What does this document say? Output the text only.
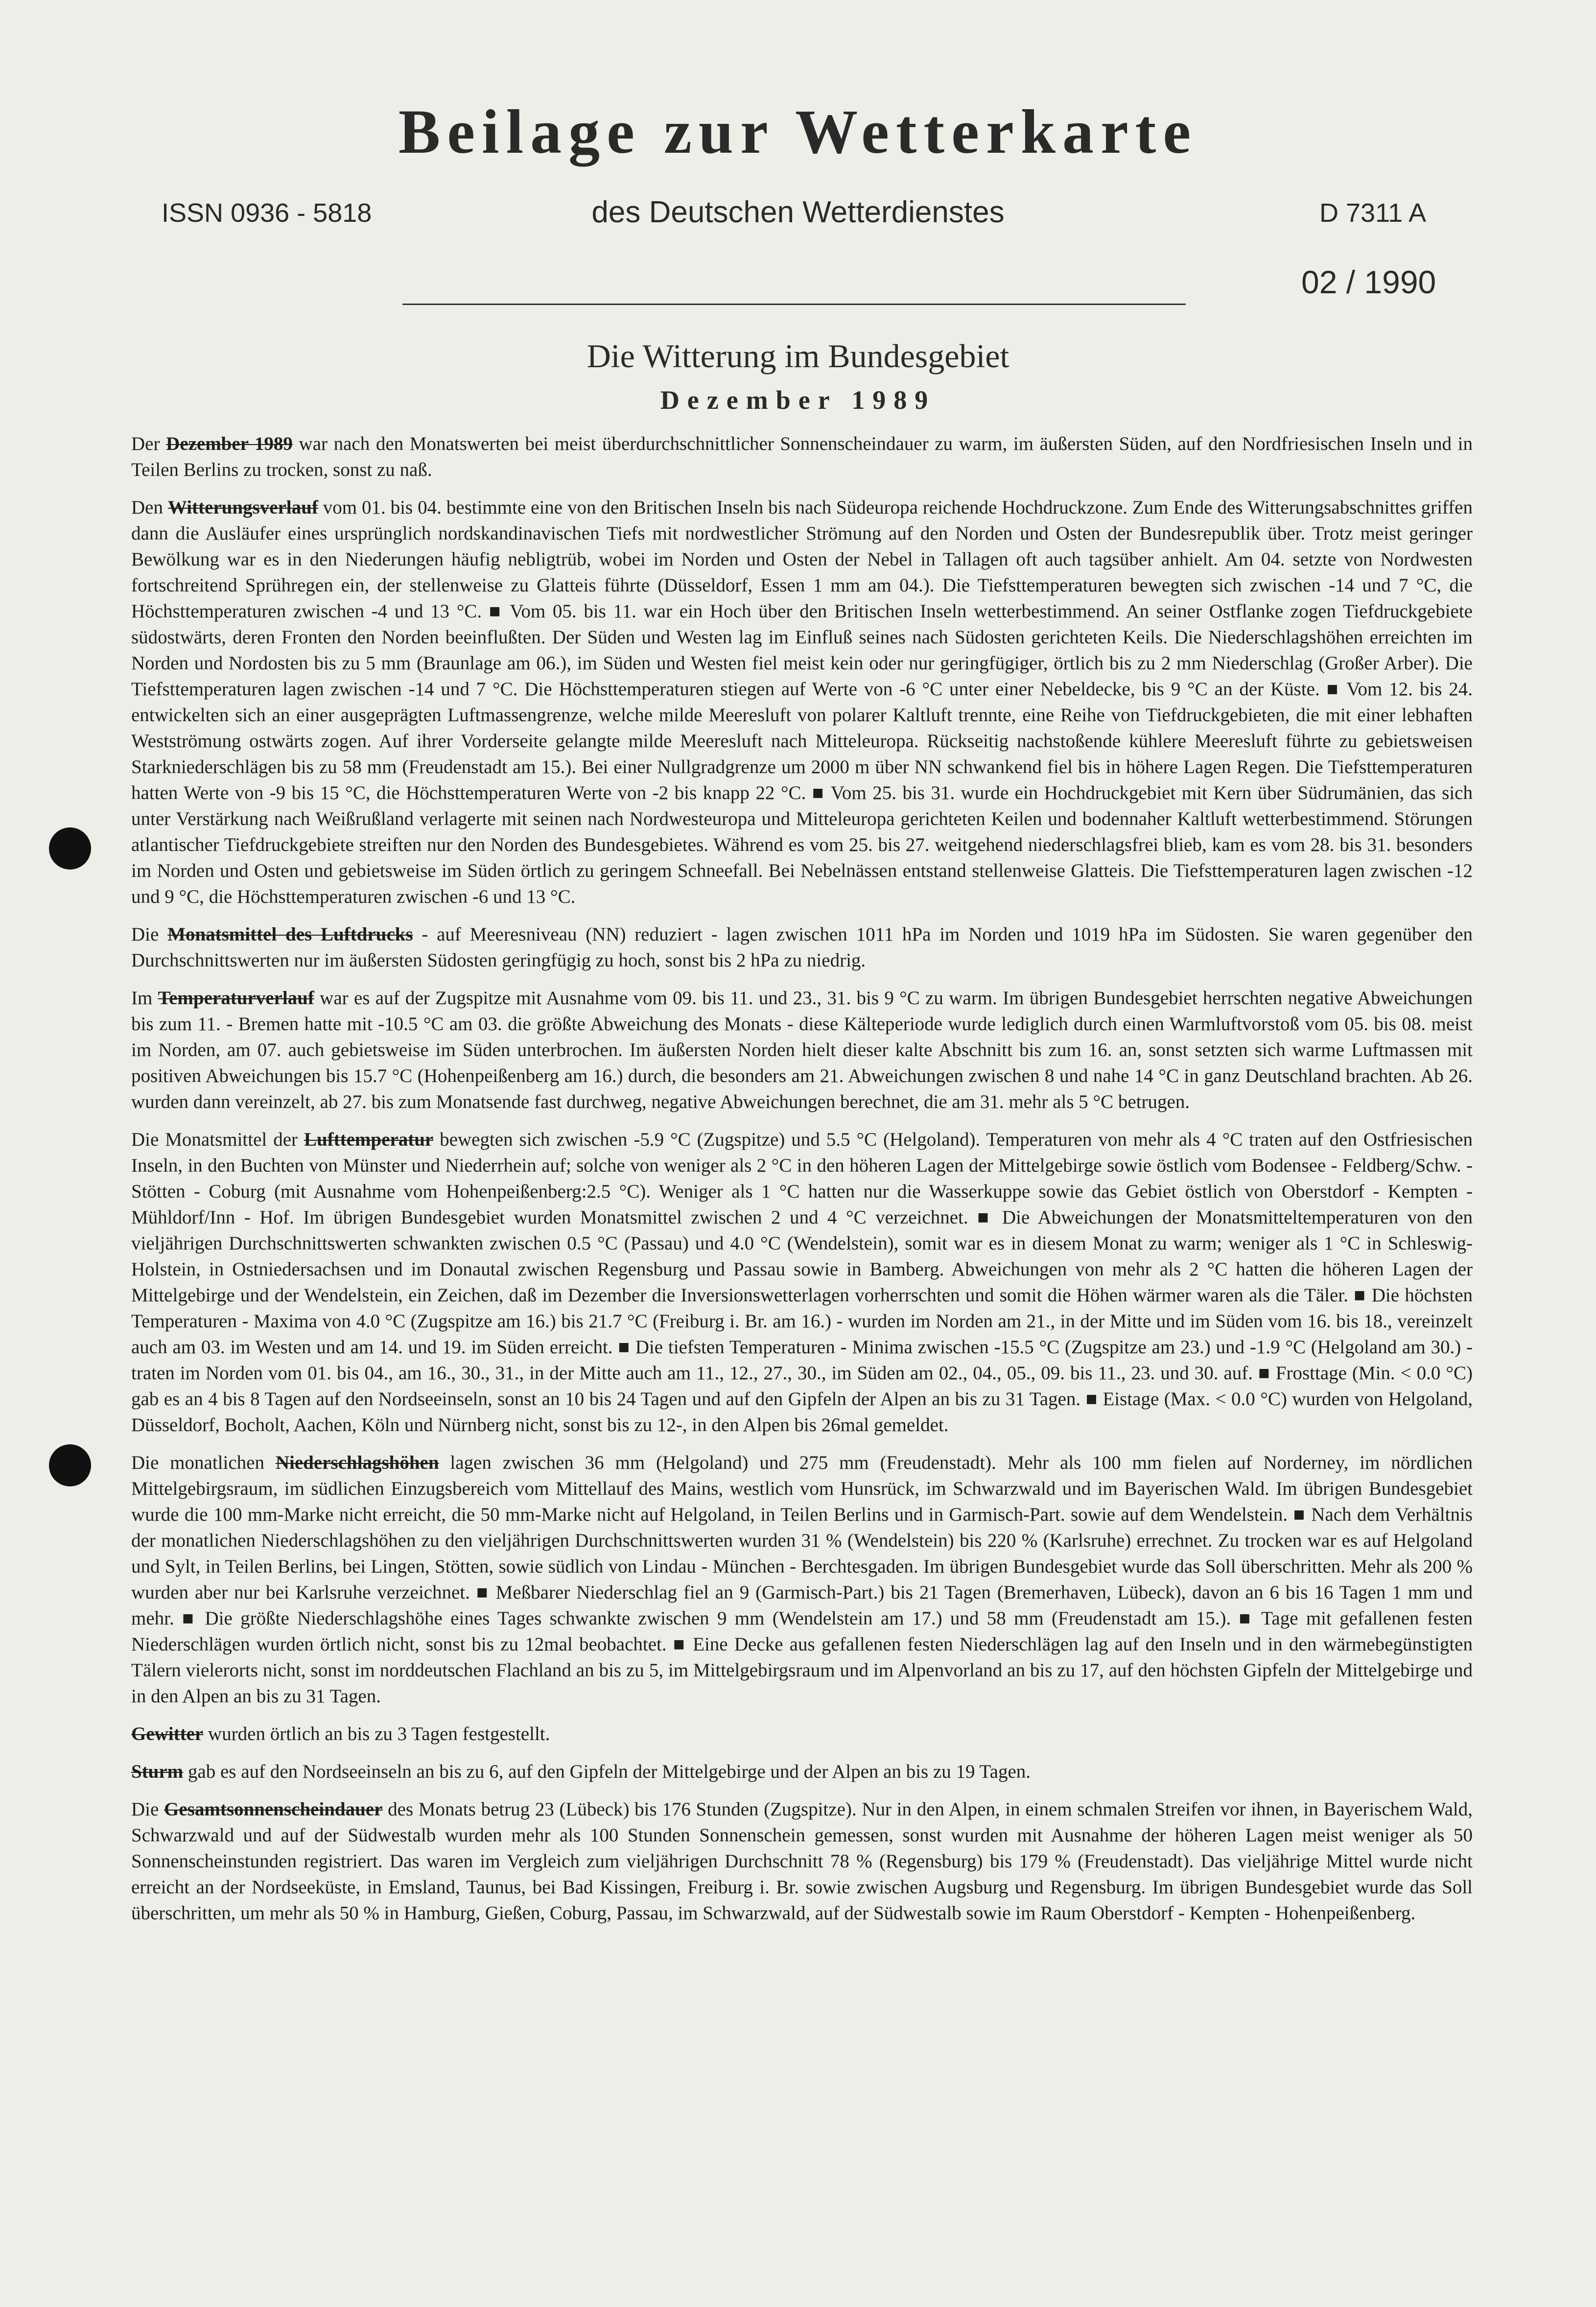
Beilage zur Wetterkarte
ISSN 0936 - 5818	des Deutschen Wetterdienstes	D 7311 A
02 / 1990
Die Witterung im Bundesgebiet
Dezember 1989

Der Dezember 1989 war nach den Monatswerten bei meist überdurchschnittlicher Sonnenscheindauer zu warm, im äußersten Süden, auf den Nordfriesischen Inseln und in Teilen Berlins zu trocken, sonst zu naß.

Den Witterungsverlauf vom 01. bis 04. bestimmte eine von den Britischen Inseln bis nach Südeuropa reichende Hochdruckzone. Zum Ende des Witterungsabschnittes griffen dann die Ausläufer eines ursprünglich nordskandinavischen Tiefs mit nordwestlicher Strömung auf den Norden und Osten der Bundesrepublik über. Trotz meist geringer Bewölkung war es in den Niederungen häufig nebligtrüb, wobei im Norden und Osten der Nebel in Tallagen oft auch tagsüber anhielt. Am 04. setzte von Nordwesten fortschreitend Sprühregen ein, der stellenweise zu Glatteis führte (Düsseldorf, Essen 1 mm am 04.). Die Tiefsttemperaturen bewegten sich zwischen -14 und 7 °C, die Höchsttemperaturen zwischen -4 und 13 °C. ■ Vom 05. bis 11. war ein Hoch über den Britischen Inseln wetterbestimmend. An seiner Ostflanke zogen Tiefdruckgebiete südostwärts, deren Fronten den Norden beeinflußten. Der Süden und Westen lag im Einfluß seines nach Südosten gerichteten Keils. Die Niederschlagshöhen erreichten im Norden und Nordosten bis zu 5 mm (Braunlage am 06.), im Süden und Westen fiel meist kein oder nur geringfügiger, örtlich bis zu 2 mm Niederschlag (Großer Arber). Die Tiefsttemperaturen lagen zwischen -14 und 7 °C. Die Höchsttemperaturen stiegen auf Werte von -6 °C unter einer Nebeldecke, bis 9 °C an der Küste. ■ Vom 12. bis 24. entwickelten sich an einer ausgeprägten Luftmassengrenze, welche milde Meeresluft von polarer Kaltluft trennte, eine Reihe von Tiefdruckgebieten, die mit einer lebhaften Westströmung ostwärts zogen. Auf ihrer Vorderseite gelangte milde Meeresluft nach Mitteleuropa. Rückseitig nachstoßende kühlere Meeresluft führte zu gebietsweisen Starkniederschlägen bis zu 58 mm (Freudenstadt am 15.). Bei einer Nullgradgrenze um 2000 m über NN schwankend fiel bis in höhere Lagen Regen. Die Tiefsttemperaturen hatten Werte von -9 bis 15 °C, die Höchsttemperaturen Werte von -2 bis knapp 22 °C. ■ Vom 25. bis 31. wurde ein Hochdruckgebiet mit Kern über Südrumänien, das sich unter Verstärkung nach Weißrußland verlagerte mit seinen nach Nordwesteuropa und Mitteleuropa gerichteten Keilen und bodennaher Kaltluft wetterbestimmend. Störungen atlantischer Tiefdruckgebiete streiften nur den Norden des Bundesgebietes. Während es vom 25. bis 27. weitgehend niederschlagsfrei blieb, kam es vom 28. bis 31. besonders im Norden und Osten und gebietsweise im Süden örtlich zu geringem Schneefall. Bei Nebelnässen entstand stellenweise Glatteis. Die Tiefsttemperaturen lagen zwischen -12 und 9 °C, die Höchsttemperaturen zwischen -6 und 13 °C.

Die Monatsmittel des Luftdrucks - auf Meeresniveau (NN) reduziert - lagen zwischen 1011 hPa im Norden und 1019 hPa im Südosten. Sie waren gegenüber den Durchschnittswerten nur im äußersten Südosten geringfügig zu hoch, sonst bis 2 hPa zu niedrig.

Im Temperaturverlauf war es auf der Zugspitze mit Ausnahme vom 09. bis 11. und 23., 31. bis 9 °C zu warm. Im übrigen Bundesgebiet herrschten negative Abweichungen bis zum 11. - Bremen hatte mit -10.5 °C am 03. die größte Abweichung des Monats - diese Kälteperiode wurde lediglich durch einen Warmluftvorstoß vom 05. bis 08. meist im Norden, am 07. auch gebietsweise im Süden unterbrochen. Im äußersten Norden hielt dieser kalte Abschnitt bis zum 16. an, sonst setzten sich warme Luftmassen mit positiven Abweichungen bis 15.7 °C (Hohenpeißenberg am 16.) durch, die besonders am 21. Abweichungen zwischen 8 und nahe 14 °C in ganz Deutschland brachten. Ab 26. wurden dann vereinzelt, ab 27. bis zum Monatsende fast durchweg, negative Abweichungen berechnet, die am 31. mehr als 5 °C betrugen.

Die Monatsmittel der Lufttemperatur bewegten sich zwischen -5.9 °C (Zugspitze) und 5.5 °C (Helgoland). Temperaturen von mehr als 4 °C traten auf den Ostfriesischen Inseln, in den Buchten von Münster und Niederrhein auf; solche von weniger als 2 °C in den höheren Lagen der Mittelgebirge sowie östlich vom Bodensee - Feldberg/Schw. - Stötten - Coburg (mit Ausnahme vom Hohenpeißenberg:2.5 °C). Weniger als 1 °C hatten nur die Wasserkuppe sowie das Gebiet östlich von Oberstdorf - Kempten - Mühldorf/Inn - Hof. Im übrigen Bundesgebiet wurden Monatsmittel zwischen 2 und 4 °C verzeichnet. ■ Die Abweichungen der Monatsmitteltemperaturen von den vieljährigen Durchschnittswerten schwankten zwischen 0.5 °C (Passau) und 4.0 °C (Wendelstein), somit war es in diesem Monat zu warm; weniger als 1 °C in Schleswig-Holstein, in Ostniedersachsen und im Donautal zwischen Regensburg und Passau sowie in Bamberg. Abweichungen von mehr als 2 °C hatten die höheren Lagen der Mittelgebirge und der Wendelstein, ein Zeichen, daß im Dezember die Inversionswetterlagen vorherrschten und somit die Höhen wärmer waren als die Täler. ■ Die höchsten Temperaturen - Maxima von 4.0 °C (Zugspitze am 16.) bis 21.7 °C (Freiburg i. Br. am 16.) - wurden im Norden am 21., in der Mitte und im Süden vom 16. bis 18., vereinzelt auch am 03. im Westen und am 14. und 19. im Süden erreicht. ■ Die tiefsten Temperaturen - Minima zwischen -15.5 °C (Zugspitze am 23.) und -1.9 °C (Helgoland am 30.) - traten im Norden vom 01. bis 04., am 16., 30., 31., in der Mitte auch am 11., 12., 27., 30., im Süden am 02., 04., 05., 09. bis 11., 23. und 30. auf. ■ Frosttage (Min. < 0.0 °C) gab es an 4 bis 8 Tagen auf den Nordseeinseln, sonst an 10 bis 24 Tagen und auf den Gipfeln der Alpen an bis zu 31 Tagen. ■ Eistage (Max. < 0.0 °C) wurden von Helgoland, Düsseldorf, Bocholt, Aachen, Köln und Nürnberg nicht, sonst bis zu 12-, in den Alpen bis 26mal gemeldet.

Die monatlichen Niederschlagshöhen lagen zwischen 36 mm (Helgoland) und 275 mm (Freudenstadt). Mehr als 100 mm fielen auf Norderney, im nördlichen Mittelgebirgsraum, im südlichen Einzugsbereich vom Mittellauf des Mains, westlich vom Hunsrück, im Schwarzwald und im Bayerischen Wald. Im übrigen Bundesgebiet wurde die 100 mm-Marke nicht erreicht, die 50 mm-Marke nicht auf Helgoland, in Teilen Berlins und in Garmisch-Part. sowie auf dem Wendelstein. ■ Nach dem Verhältnis der monatlichen Niederschlagshöhen zu den vieljährigen Durchschnittswerten wurden 31 % (Wendelstein) bis 220 % (Karlsruhe) errechnet. Zu trocken war es auf Helgoland und Sylt, in Teilen Berlins, bei Lingen, Stötten, sowie südlich von Lindau - München - Berchtesgaden. Im übrigen Bundesgebiet wurde das Soll überschritten. Mehr als 200 % wurden aber nur bei Karlsruhe verzeichnet. ■ Meßbarer Niederschlag fiel an 9 (Garmisch-Part.) bis 21 Tagen (Bremerhaven, Lübeck), davon an 6 bis 16 Tagen 1 mm und mehr. ■ Die größte Niederschlagshöhe eines Tages schwankte zwischen 9 mm (Wendelstein am 17.) und 58 mm (Freudenstadt am 15.). ■ Tage mit gefallenen festen Niederschlägen wurden örtlich nicht, sonst bis zu 12mal beobachtet. ■ Eine Decke aus gefallenen festen Niederschlägen lag auf den Inseln und in den wärmebegünstigten Tälern vielerorts nicht, sonst im norddeutschen Flachland an bis zu 5, im Mittelgebirgsraum und im Alpenvorland an bis zu 17, auf den höchsten Gipfeln der Mittelgebirge und in den Alpen an bis zu 31 Tagen.

Gewitter wurden örtlich an bis zu 3 Tagen festgestellt.

Sturm gab es auf den Nordseeinseln an bis zu 6, auf den Gipfeln der Mittelgebirge und der Alpen an bis zu 19 Tagen.

Die Gesamtsonnenscheindauer des Monats betrug 23 (Lübeck) bis 176 Stunden (Zugspitze). Nur in den Alpen, in einem schmalen Streifen vor ihnen, in Bayerischem Wald, Schwarzwald und auf der Südwestalb wurden mehr als 100 Stunden Sonnenschein gemessen, sonst wurden mit Ausnahme der höheren Lagen meist weniger als 50 Sonnenscheinstunden registriert. Das waren im Vergleich zum vieljährigen Durchschnitt 78 % (Regensburg) bis 179 % (Freudenstadt). Das vieljährige Mittel wurde nicht erreicht an der Nordseeküste, in Emsland, Taunus, bei Bad Kissingen, Freiburg i. Br. sowie zwischen Augsburg und Regensburg. Im übrigen Bundesgebiet wurde das Soll überschritten, um mehr als 50 % in Hamburg, Gießen, Coburg, Passau, im Schwarzwald, auf der Südwestalb sowie im Raum Oberstdorf - Kempten - Hohenpeißenberg.
